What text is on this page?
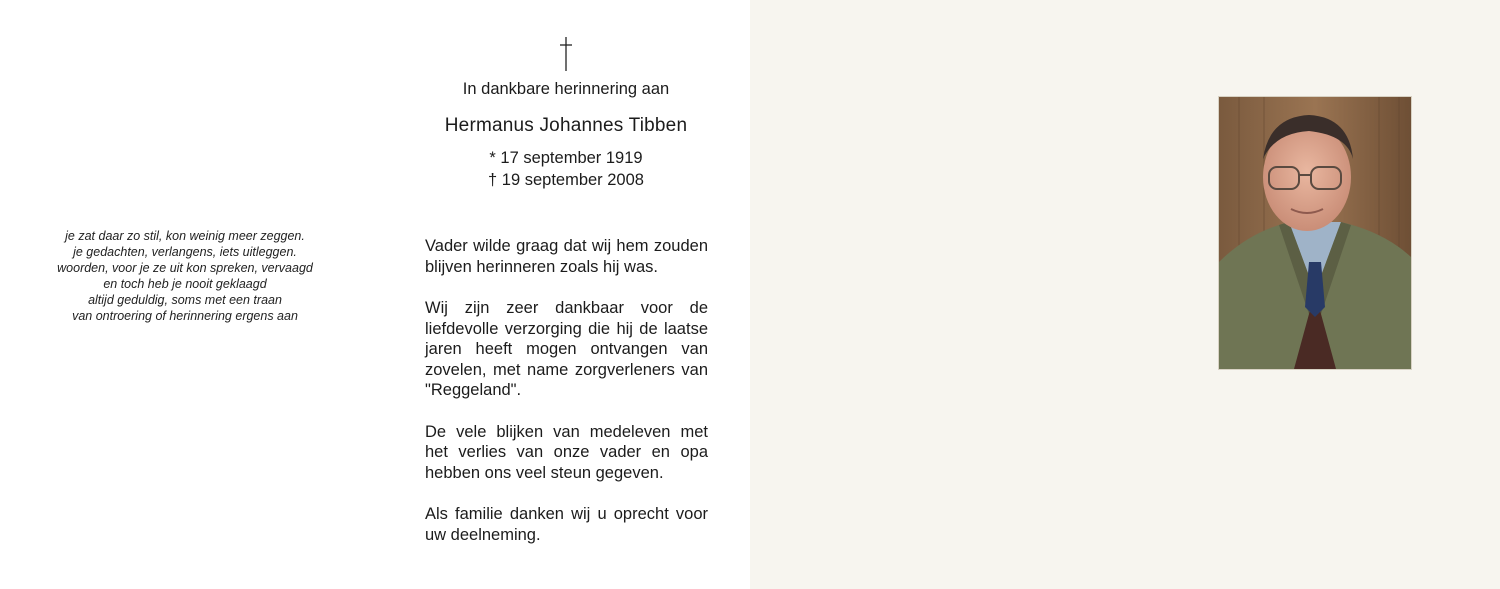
je zat daar zo stil, kon weinig meer zeggen.
je gedachten, verlangens, iets uitleggen.
woorden, voor je ze uit kon spreken, vervaagd
en toch heb je nooit geklaagd
altijd geduldig, soms met een traan
van ontroering of herinnering ergens aan
In dankbare herinnering aan
Hermanus Johannes Tibben
* 17 september 1919
† 19 september 2008

Vader wilde graag dat wij hem zouden blijven herinneren zoals hij was.

Wij zijn zeer dankbaar voor de liefdevolle verzorging die hij de laatse jaren heeft mogen ontvangen van zovelen, met name zorgverleners van "Reggeland".

De vele blijken van medeleven met het verlies van onze vader en opa hebben ons veel steun gegeven.

Als familie danken wij u oprecht voor uw deelneming.
